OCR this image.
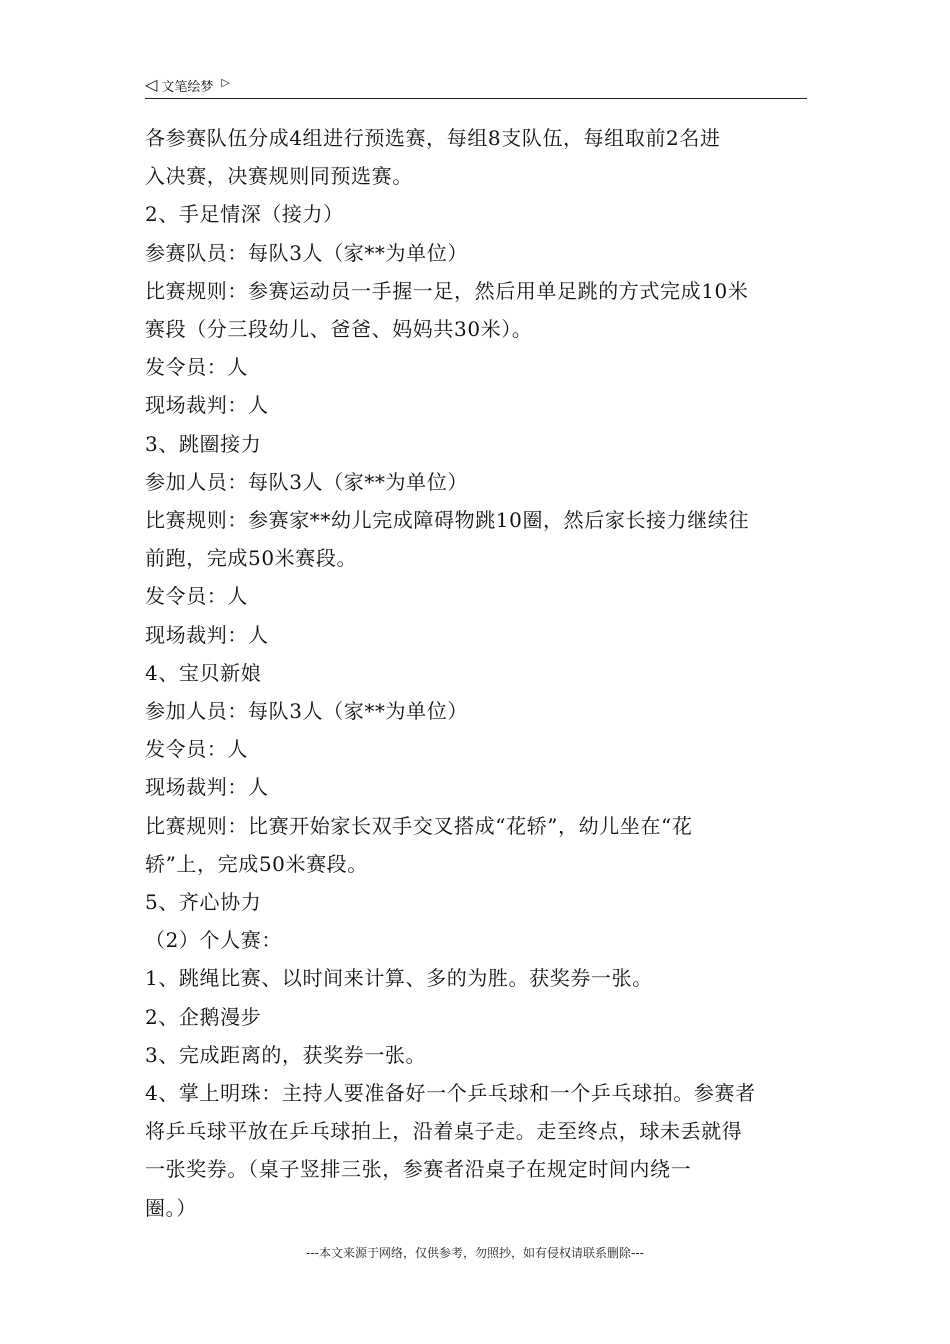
◁ 文笔绘梦 ▷
各参赛队伍分成4组进行预选赛，每组8支队伍，每组取前2名进
入决赛，决赛规则同预选赛。
2、手足情深（接力）
参赛队员：每队3人（家**为单位）
比赛规则：参赛运动员一手握一足，然后用单足跳的方式完成10米
赛段（分三段幼儿、爸爸、妈妈共30米）。
发令员：人
现场裁判：人
3、跳圈接力
参加人员：每队3人（家**为单位）
比赛规则：参赛家**幼儿完成障碍物跳10圈，然后家长接力继续往
前跑，完成50米赛段。
发令员：人
现场裁判：人
4、宝贝新娘
参加人员：每队3人（家**为单位）
发令员：人
现场裁判：人
比赛规则：比赛开始家长双手交叉搭成“花轿”，幼儿坐在“花
轿”上，完成50米赛段。
5、齐心协力
（2）个人赛：
1、跳绳比赛、以时间来计算、多的为胜。获奖券一张。
2、企鹅漫步
3、完成距离的，获奖券一张。
4、掌上明珠：主持人要准备好一个乒乓球和一个乒乓球拍。参赛者
将乒乓球平放在乒乓球拍上，沿着桌子走。走至终点，球未丢就得
一张奖券。（桌子竖排三张，参赛者沿桌子在规定时间内绕一
圈。）
---本文来源于网络，仅供参考，勿照抄，如有侵权请联系删除---
